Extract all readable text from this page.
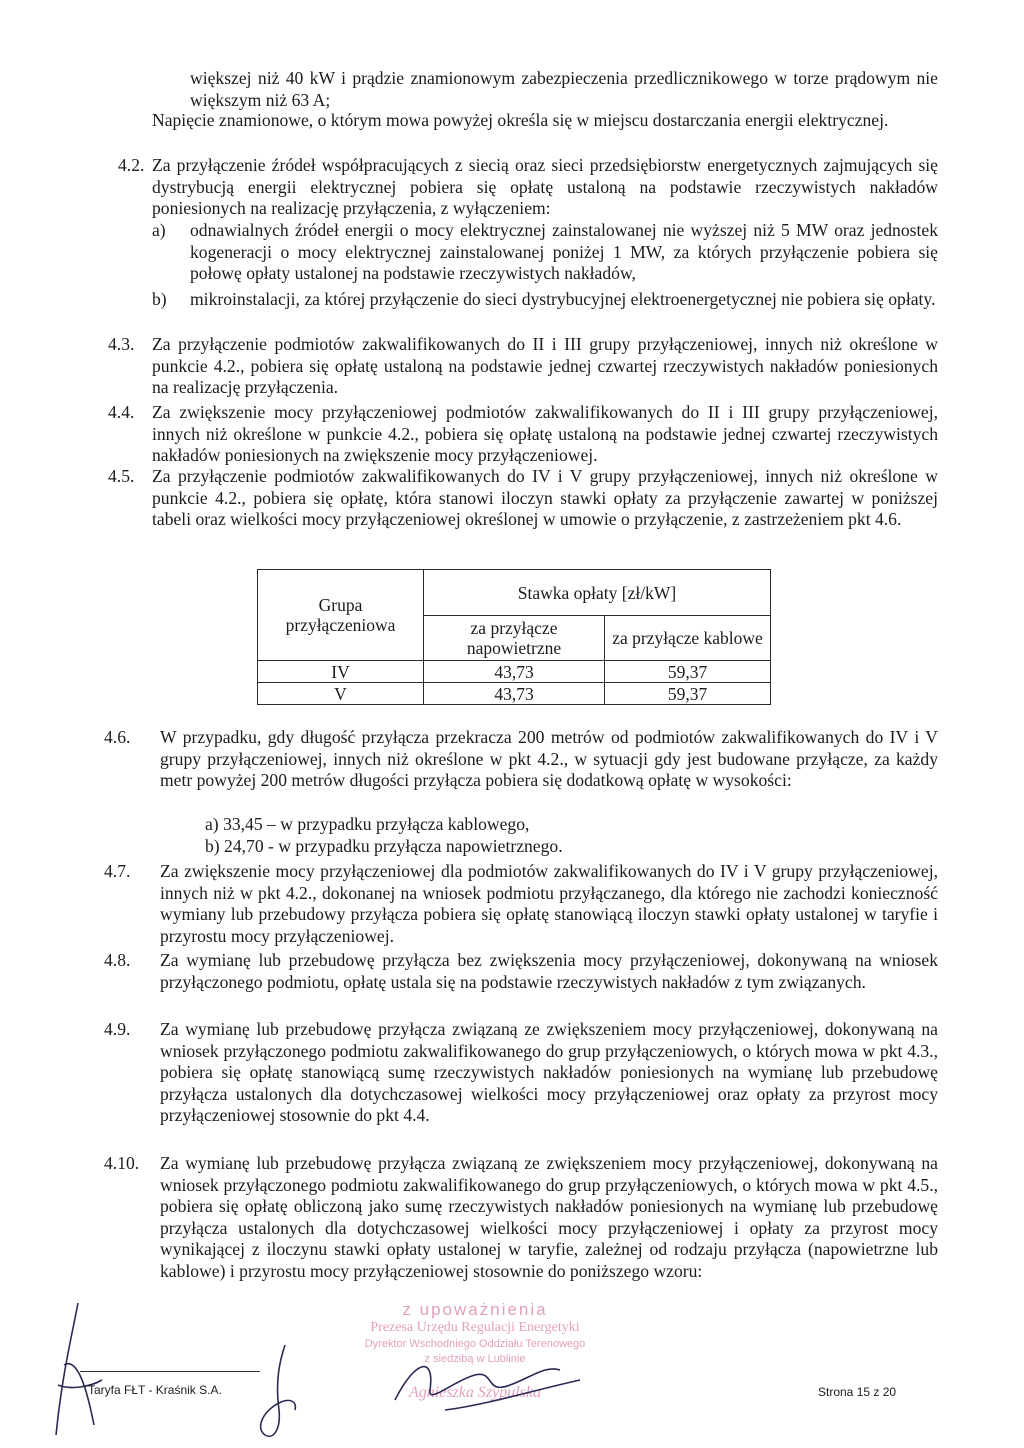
większej niż 40 kW i prądzie znamionowym zabezpieczenia przedlicznikowego w torze prądowym nie większym niż 63 A;

Napięcie znamionowe, o którym mowa powyżej określa się w miejscu dostarczania energii elektrycznej.

4.2. Za przyłączenie źródeł współpracujących z siecią oraz sieci przedsiębiorstw energetycznych zajmujących się dystrybucją energii elektrycznej pobiera się opłatę ustaloną na podstawie rzeczywistych nakładów poniesionych na realizację przyłączenia, z wyłączeniem:

a) odnawialnych źródeł energii o mocy elektrycznej zainstalowanej nie wyższej niż 5 MW oraz jednostek kogeneracji o mocy elektrycznej zainstalowanej poniżej 1 MW, za których przyłączenie pobiera się połowę opłaty ustalonej na podstawie rzeczywistych nakładów,

b) mikroinstalacji, za której przyłączenie do sieci dystrybucyjnej elektroenergetycznej nie pobiera się opłaty.

4.3. Za przyłączenie podmiotów zakwalifikowanych do II i III grupy przyłączeniowej, innych niż określone w punkcie 4.2., pobiera się opłatę ustaloną na podstawie jednej czwartej rzeczywistych nakładów poniesionych na realizację przyłączenia.

4.4. Za zwiększenie mocy przyłączeniowej podmiotów zakwalifikowanych do II i III grupy przyłączeniowej, innych niż określone w punkcie 4.2., pobiera się opłatę ustaloną na podstawie jednej czwartej rzeczywistych nakładów poniesionych na zwiększenie mocy przyłączeniowej.

4.5. Za przyłączenie podmiotów zakwalifikowanych do IV i V grupy przyłączeniowej, innych niż określone w punkcie 4.2., pobiera się opłatę, która stanowi iloczyn stawki opłaty za przyłączenie zawartej w poniższej tabeli oraz wielkości mocy przyłączeniowej określonej w umowie o przyłączenie, z zastrzeżeniem pkt 4.6.

Grupa przyłączeniowa	Stawka opłaty [zł/kW]	
	za przyłącze napowietrzne	za przyłącze kablowe
IV	43,73	59,37
V	43,73	59,37
4.6. W przypadku, gdy długość przyłącza przekracza 200 metrów od podmiotów zakwalifikowanych do IV i V grupy przyłączeniowej, innych niż określone w pkt 4.2., w sytuacji gdy jest budowane przyłącze, za każdy metr powyżej 200 metrów długości przyłącza pobiera się dodatkową opłatę w wysokości:

a) 33,45 – w przypadku przyłącza kablowego,
b) 24,70 - w przypadku przyłącza napowietrznego.
4.7. Za zwiększenie mocy przyłączeniowej dla podmiotów zakwalifikowanych do IV i V grupy przyłączeniowej, innych niż w pkt 4.2., dokonanej na wniosek podmiotu przyłączanego, dla którego nie zachodzi konieczność wymiany lub przebudowy przyłącza pobiera się opłatę stanowiącą iloczyn stawki opłaty ustalonej w taryfie i przyrostu mocy przyłączeniowej.

4.8. Za wymianę lub przebudowę przyłącza bez zwiększenia mocy przyłączeniowej, dokonywaną na wniosek przyłączonego podmiotu, opłatę ustala się na podstawie rzeczywistych nakładów z tym związanych.

4.9. Za wymianę lub przebudowę przyłącza związaną ze zwiększeniem mocy przyłączeniowej, dokonywaną na wniosek przyłączonego podmiotu zakwalifikowanego do grup przyłączeniowych, o których mowa w pkt 4.3., pobiera się opłatę stanowiącą sumę rzeczywistych nakładów poniesionych na wymianę lub przebudowę przyłącza ustalonych dla dotychczasowej wielkości mocy przyłączeniowej oraz opłaty za przyrost mocy przyłączeniowej stosownie do pkt 4.4.

4.10. Za wymianę lub przebudowę przyłącza związaną ze zwiększeniem mocy przyłączeniowej, dokonywaną na wniosek przyłączonego podmiotu zakwalifikowanego do grup przyłączeniowych, o których mowa w pkt 4.5., pobiera się opłatę obliczoną jako sumę rzeczywistych nakładów poniesionych na wymianę lub przebudowę przyłącza ustalonych dla dotychczasowej wielkości mocy przyłączeniowej i opłaty za przyrost mocy wynikającej z iloczynu stawki opłaty ustalonej w taryfie, zależnej od rodzaju przyłącza (napowietrzne lub kablowe) i przyrostu mocy przyłączeniowej stosownie do poniższego wzoru:

z upoważnienia
Prezesa Urzędu Regulacji Energetyki
Dyrektor Wschodniego Oddziału Terenowego
z siedzibą w Lublinie
Agnieszka Szypulska
Taryfa FŁT - Kraśnik S.A.	Strona 15 z 20
